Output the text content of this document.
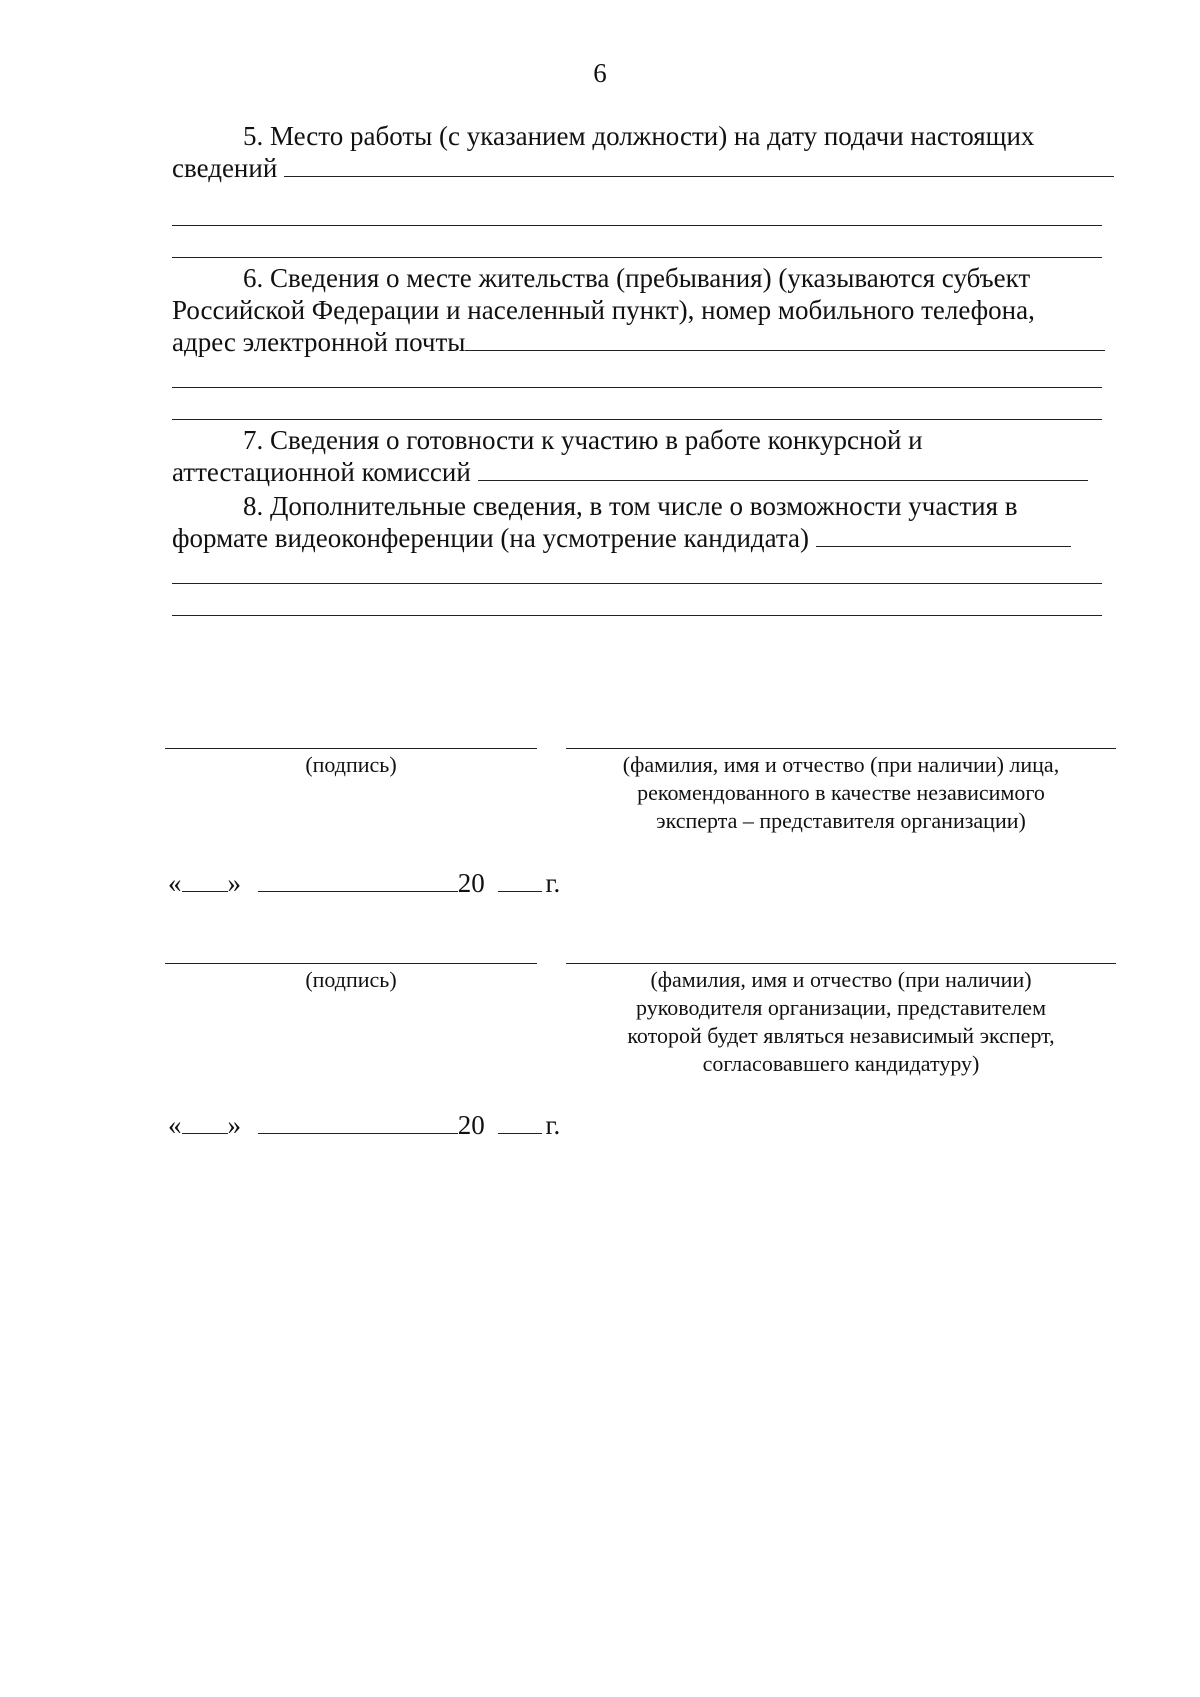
6
5. Место работы (с указанием должности) на дату подачи настоящих
сведений
6. Сведения о месте жительства (пребывания) (указываются субъект
Российской Федерации и населенный пункт), номер мобильного телефона,
адрес электронной почты
7. Сведения о готовности к участию в работе конкурсной и
аттестационной комиссий
8. Дополнительные сведения, в том числе о возможности участия в
формате видеоконференции (на усмотрение кандидата)
(подпись)	(фамилия, имя и отчество (при наличии) лица,
рекомендованного в качестве независимого
эксперта – представителя организации)
« »	20 г.
(подпись)	(фамилия, имя и отчество (при наличии)
руководителя организации, представителем
которой будет являться независимый эксперт,
согласовавшего кандидатуру)
« »	20 г.
